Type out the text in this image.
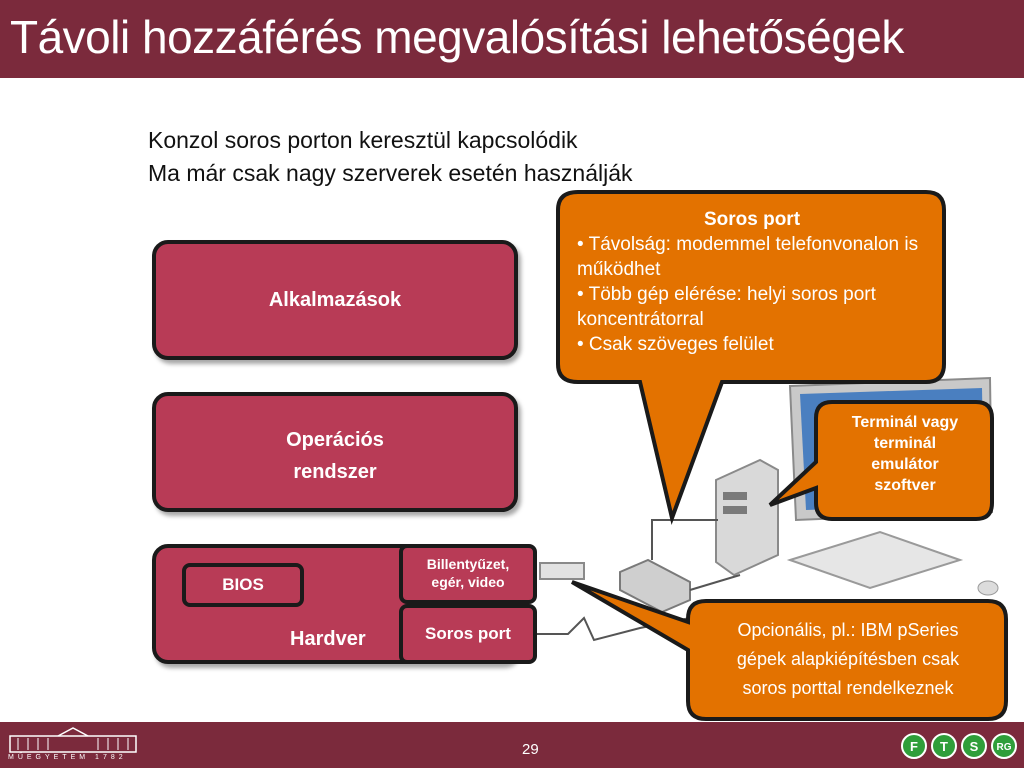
Távoli hozzáférés megvalósítási lehetőségek
Konzol soros porton keresztül kapcsolódik
Ma már csak nagy szerverek esetén használják
Alkalmazások
Operációs
rendszer
Hardver
BIOS
Billentyűzet,
egér, video
Soros port
Soros port
• Távolság: modemmel telefonvonalon is működhet
• Több gép elérése: helyi soros port koncentrátorral
• Csak szöveges felület
Terminál vagy
terminál
emulátor
szoftver
Opcionális, pl.: IBM pSeries
gépek alapkiépítésben csak
soros porttal rendelkeznek
MŰEGYETEM 1782	29	F T S RG
